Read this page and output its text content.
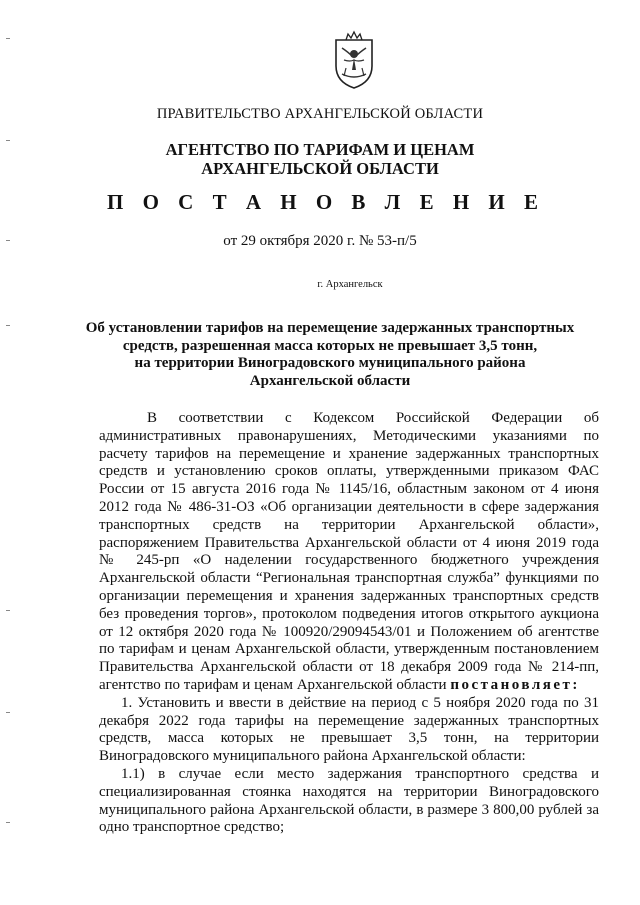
ПРАВИТЕЛЬСТВО АРХАНГЕЛЬСКОЙ ОБЛАСТИ
АГЕНТСТВО ПО ТАРИФАМ И ЦЕНАМ
АРХАНГЕЛЬСКОЙ ОБЛАСТИ
П О С Т А Н О В Л Е Н И Е
от 29 октября 2020 г. № 53-п/5
г. Архангельск
Об установлении тарифов на перемещение задержанных транспортных
средств, разрешенная масса которых не превышает 3,5 тонн,
на территории Виноградовского муниципального района
Архангельской области

В соответствии с Кодексом Российской Федерации об административных правонарушениях, Методическими указаниями по расчету тарифов на перемещение и хранение задержанных транспортных средств и установлению сроков оплаты, утвержденными приказом ФАС России от 15 августа 2016 года № 1145/16, областным законом от 4 июня 2012 года № 486-31-ОЗ «Об организации деятельности в сфере задержания транспортных средств на территории Архангельской области», распоряжением Правительства Архангельской области от 4 июня 2019 года № 245-рп «О наделении государственного бюджетного учреждения Архангельской области “Региональная транспортная служба” функциями по организации перемещения и хранения задержанных транспортных средств без проведения торгов», протоколом подведения итогов открытого аукциона от 12 октября 2020 года № 100920/29094543/01 и Положением об агентстве по тарифам и ценам Архангельской области, утвержденным постановлением Правительства Архангельской области от 18 декабря 2009 года № 214-пп, агентство по тарифам и ценам Архангельской области постановляет:

1. Установить и ввести в действие на период с 5 ноября 2020 года по 31 декабря 2022 года тарифы на перемещение задержанных транспортных средств, масса которых не превышает 3,5 тонн, на территории Виноградовского муниципального района Архангельской области:

1.1) в случае если место задержания транспортного средства и специализированная стоянка находятся на территории Виноградовского муниципального района Архангельской области, в размере 3 800,00 рублей за одно транспортное средство;
